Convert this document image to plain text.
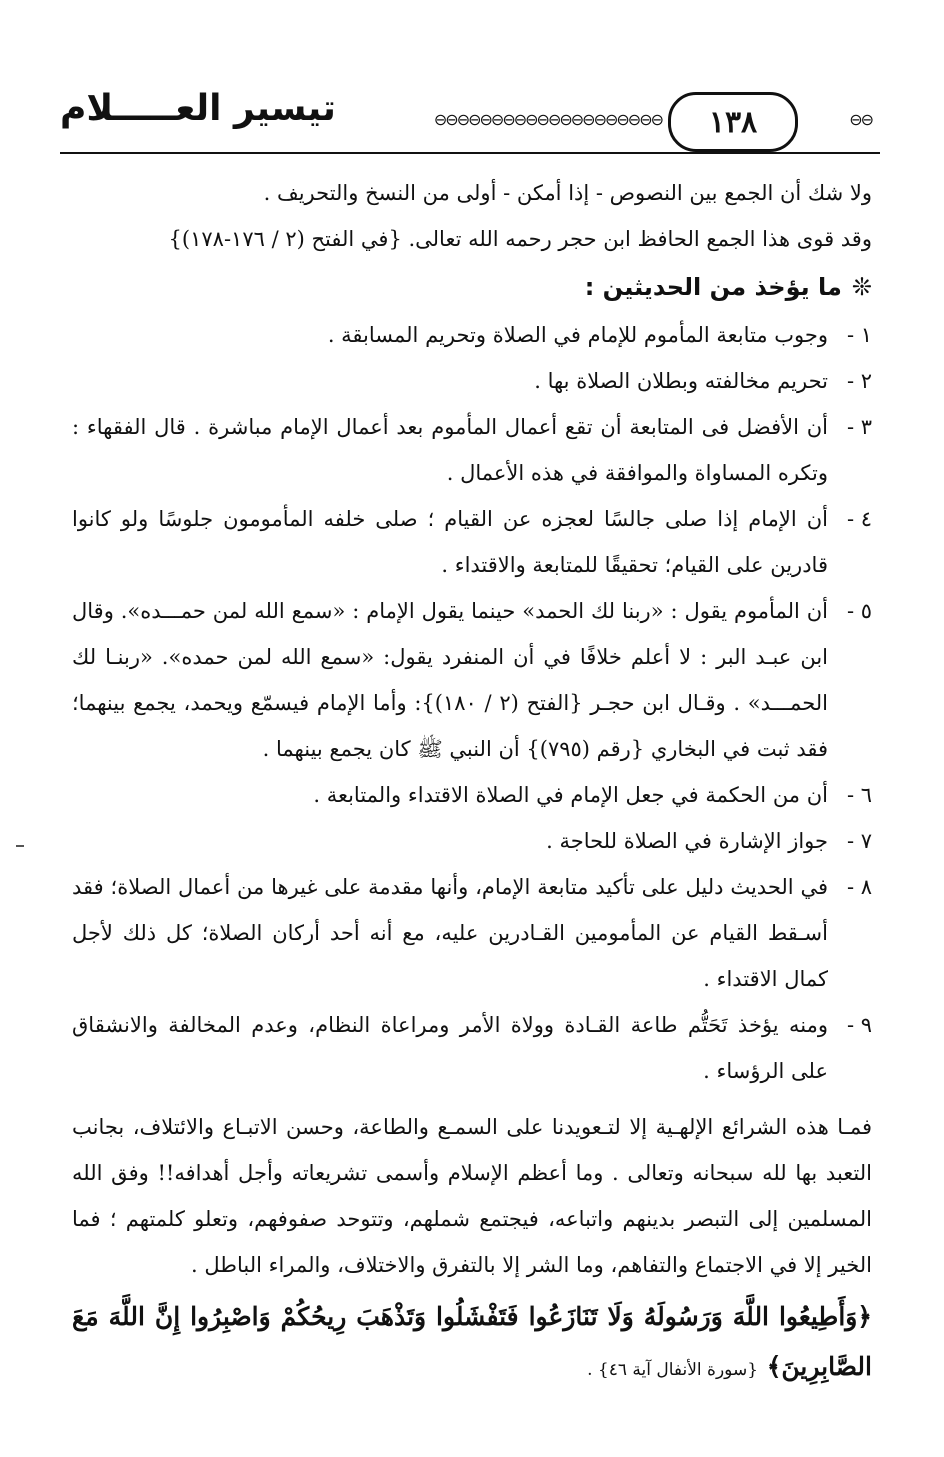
تيسير العـــــلام	⊖⊖⊖⊖⊖⊖⊖⊖⊖⊖⊖⊖⊖⊖⊖⊖⊖⊖⊖⊖	١٣٨	⊖⊖

ولا شك أن الجمع بين النصوص - إذا أمكن - أولى من النسخ والتحريف .

وقد قوى هذا الجمع الحافظ ابن حجر رحمه الله تعالى. {في الفتح (٢ / ١٧٦-١٧٨)}

❊ما يؤخذ من الحديثين :
١ -
وجوب متابعة المأموم للإمام في الصلاة وتحريم المسابقة .
٢ -
تحريم مخالفته وبطلان الصلاة بها .
٣ -
أن الأفضل فى المتابعة أن تقع أعمال المأموم بعد أعمال الإمام مباشرة . قال الفقهاء : وتكره المساواة والموافقة في هذه الأعمال .
٤ -
أن الإمام إذا صلى جالسًا لعجزه عن القيام ؛ صلى خلفه المأمومون جلوسًا ولو كانوا قادرين على القيام؛ تحقيقًا للمتابعة والاقتداء .
٥ -
أن المأموم يقول : «ربنا لك الحمد» حينما يقول الإمام : «سمع الله لمن حمـــده». وقال ابن عبـد البر : لا أعلم خلافًا في أن المنفرد يقول: «سمع الله لمن حمده». «ربنـا لك الحمـــد» . وقـال ابن حجـر {الفتح (٢ / ١٨٠)}: وأما الإمام فيسمّع ويحمد، يجمع بينهما؛ فقد ثبت في البخاري {رقم (٧٩٥)} أن النبي ﷺ كان يجمع بينهما .
٦ -
أن من الحكمة في جعل الإمام في الصلاة الاقتداء والمتابعة .
٧ -
جواز الإشارة في الصلاة للحاجة .
٨ -
في الحديث دليل على تأكيد متابعة الإمام، وأنها مقدمة على غيرها من أعمال الصلاة؛ فقد أسـقط القيام عن المأمومين القـادرين عليه، مع أنه أحد أركان الصلاة؛ كل ذلك لأجل كمال الاقتداء .
٩ -
ومنه يؤخذ تَحَتُّم طاعة القـادة وولاة الأمر ومراعاة النظام، وعدم المخالفة والانشقاق على الرؤساء .

فمـا هذه الشرائع الإلهـية إلا لتـعويدنا على السمـع والطاعة، وحسن الاتبـاع والائتلاف، بجانب التعبد بها لله سبحانه وتعالى . وما أعظم الإسلام وأسمى تشريعاته وأجل أهدافه!! وفق الله المسلمين إلى التبصر بدينهم واتباعه، فيجتمع شملهم، وتتوحد صفوفهم، وتعلو كلمتهم ؛ فما الخير إلا في الاجتماع والتفاهم، وما الشر إلا بالتفرق والاختلاف، والمراء الباطل .

﴿وَأَطِيعُوا اللَّهَ وَرَسُولَهُ وَلَا تَنَازَعُوا فَتَفْشَلُوا وَتَذْهَبَ رِيحُكُمْ وَاصْبِرُوا إِنَّ اللَّهَ مَعَ الصَّابِرِينَ﴾ {سورة الأنفال آية ٤٦} .
